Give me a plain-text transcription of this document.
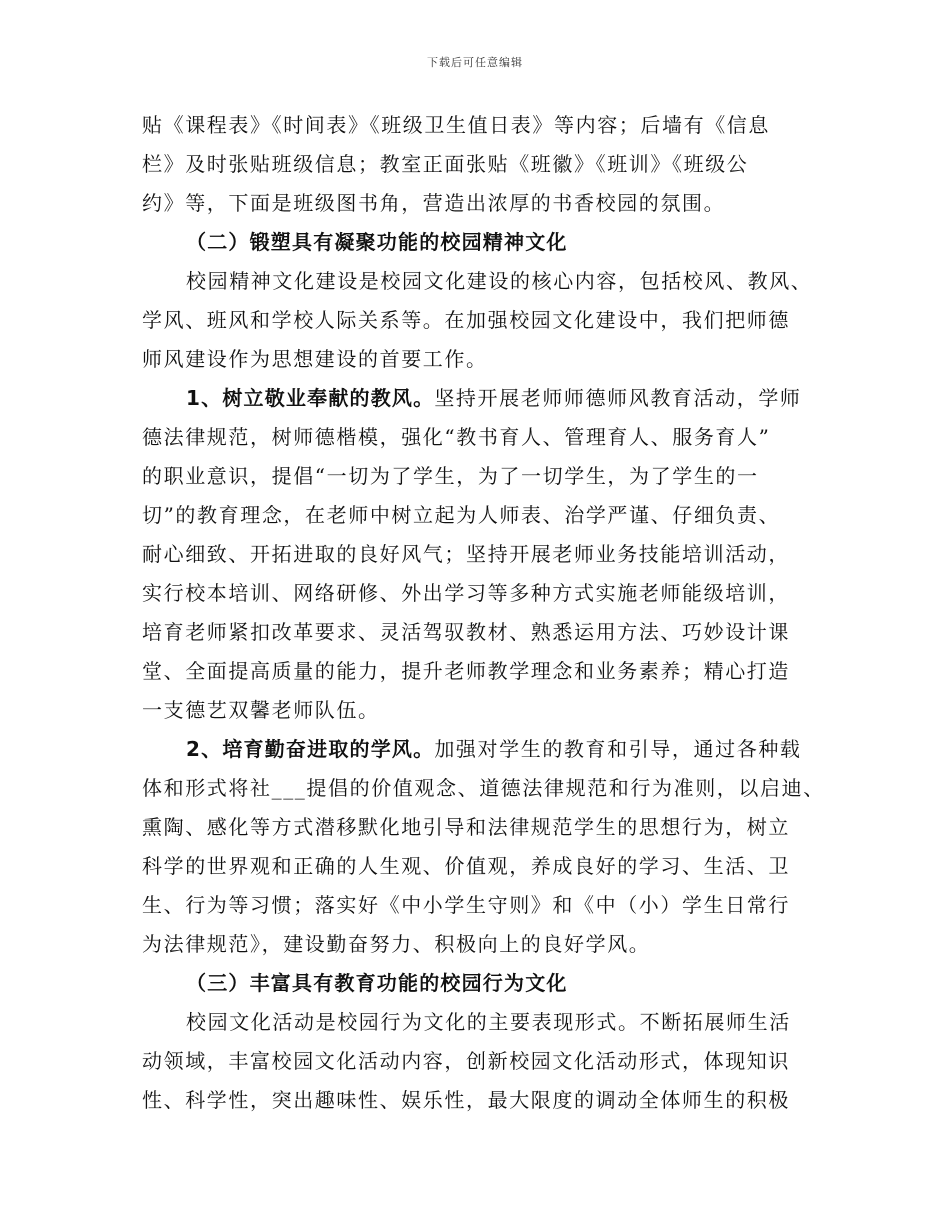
下载后可任意编辑
贴《课程表》《时间表》《班级卫生值日表》等内容；后墙有《信息
栏》及时张贴班级信息；教室正面张贴《班徽》《班训》《班级公
约》等，下面是班级图书角，营造出浓厚的书香校园的氛围。
（二）锻塑具有凝聚功能的校园精神文化
校园精神文化建设是校园文化建设的核心内容，包括校风、教风、
学风、班风和学校人际关系等。在加强校园文化建设中，我们把师德
师风建设作为思想建设的首要工作。
1、树立敬业奉献的教风。坚持开展老师师德师风教育活动，学师
德法律规范，树师德楷模，强化“教书育人、管理育人、服务育人”
的职业意识，提倡“一切为了学生，为了一切学生，为了学生的一
切”的教育理念，在老师中树立起为人师表、治学严谨、仔细负责、
耐心细致、开拓进取的良好风气；坚持开展老师业务技能培训活动，
实行校本培训、网络研修、外出学习等多种方式实施老师能级培训，
培育老师紧扣改革要求、灵活驾驭教材、熟悉运用方法、巧妙设计课
堂、全面提高质量的能力，提升老师教学理念和业务素养；精心打造
一支德艺双馨老师队伍。
2、培育勤奋进取的学风。加强对学生的教育和引导，通过各种载
体和形式将社___提倡的价值观念、道德法律规范和行为准则，以启迪、
熏陶、感化等方式潜移默化地引导和法律规范学生的思想行为，树立
科学的世界观和正确的人生观、价值观，养成良好的学习、生活、卫
生、行为等习惯；落实好《中小学生守则》和《中（小）学生日常行
为法律规范》，建设勤奋努力、积极向上的良好学风。
（三）丰富具有教育功能的校园行为文化
校园文化活动是校园行为文化的主要表现形式。不断拓展师生活
动领域，丰富校园文化活动内容，创新校园文化活动形式，体现知识
性、科学性，突出趣味性、娱乐性，最大限度的调动全体师生的积极
